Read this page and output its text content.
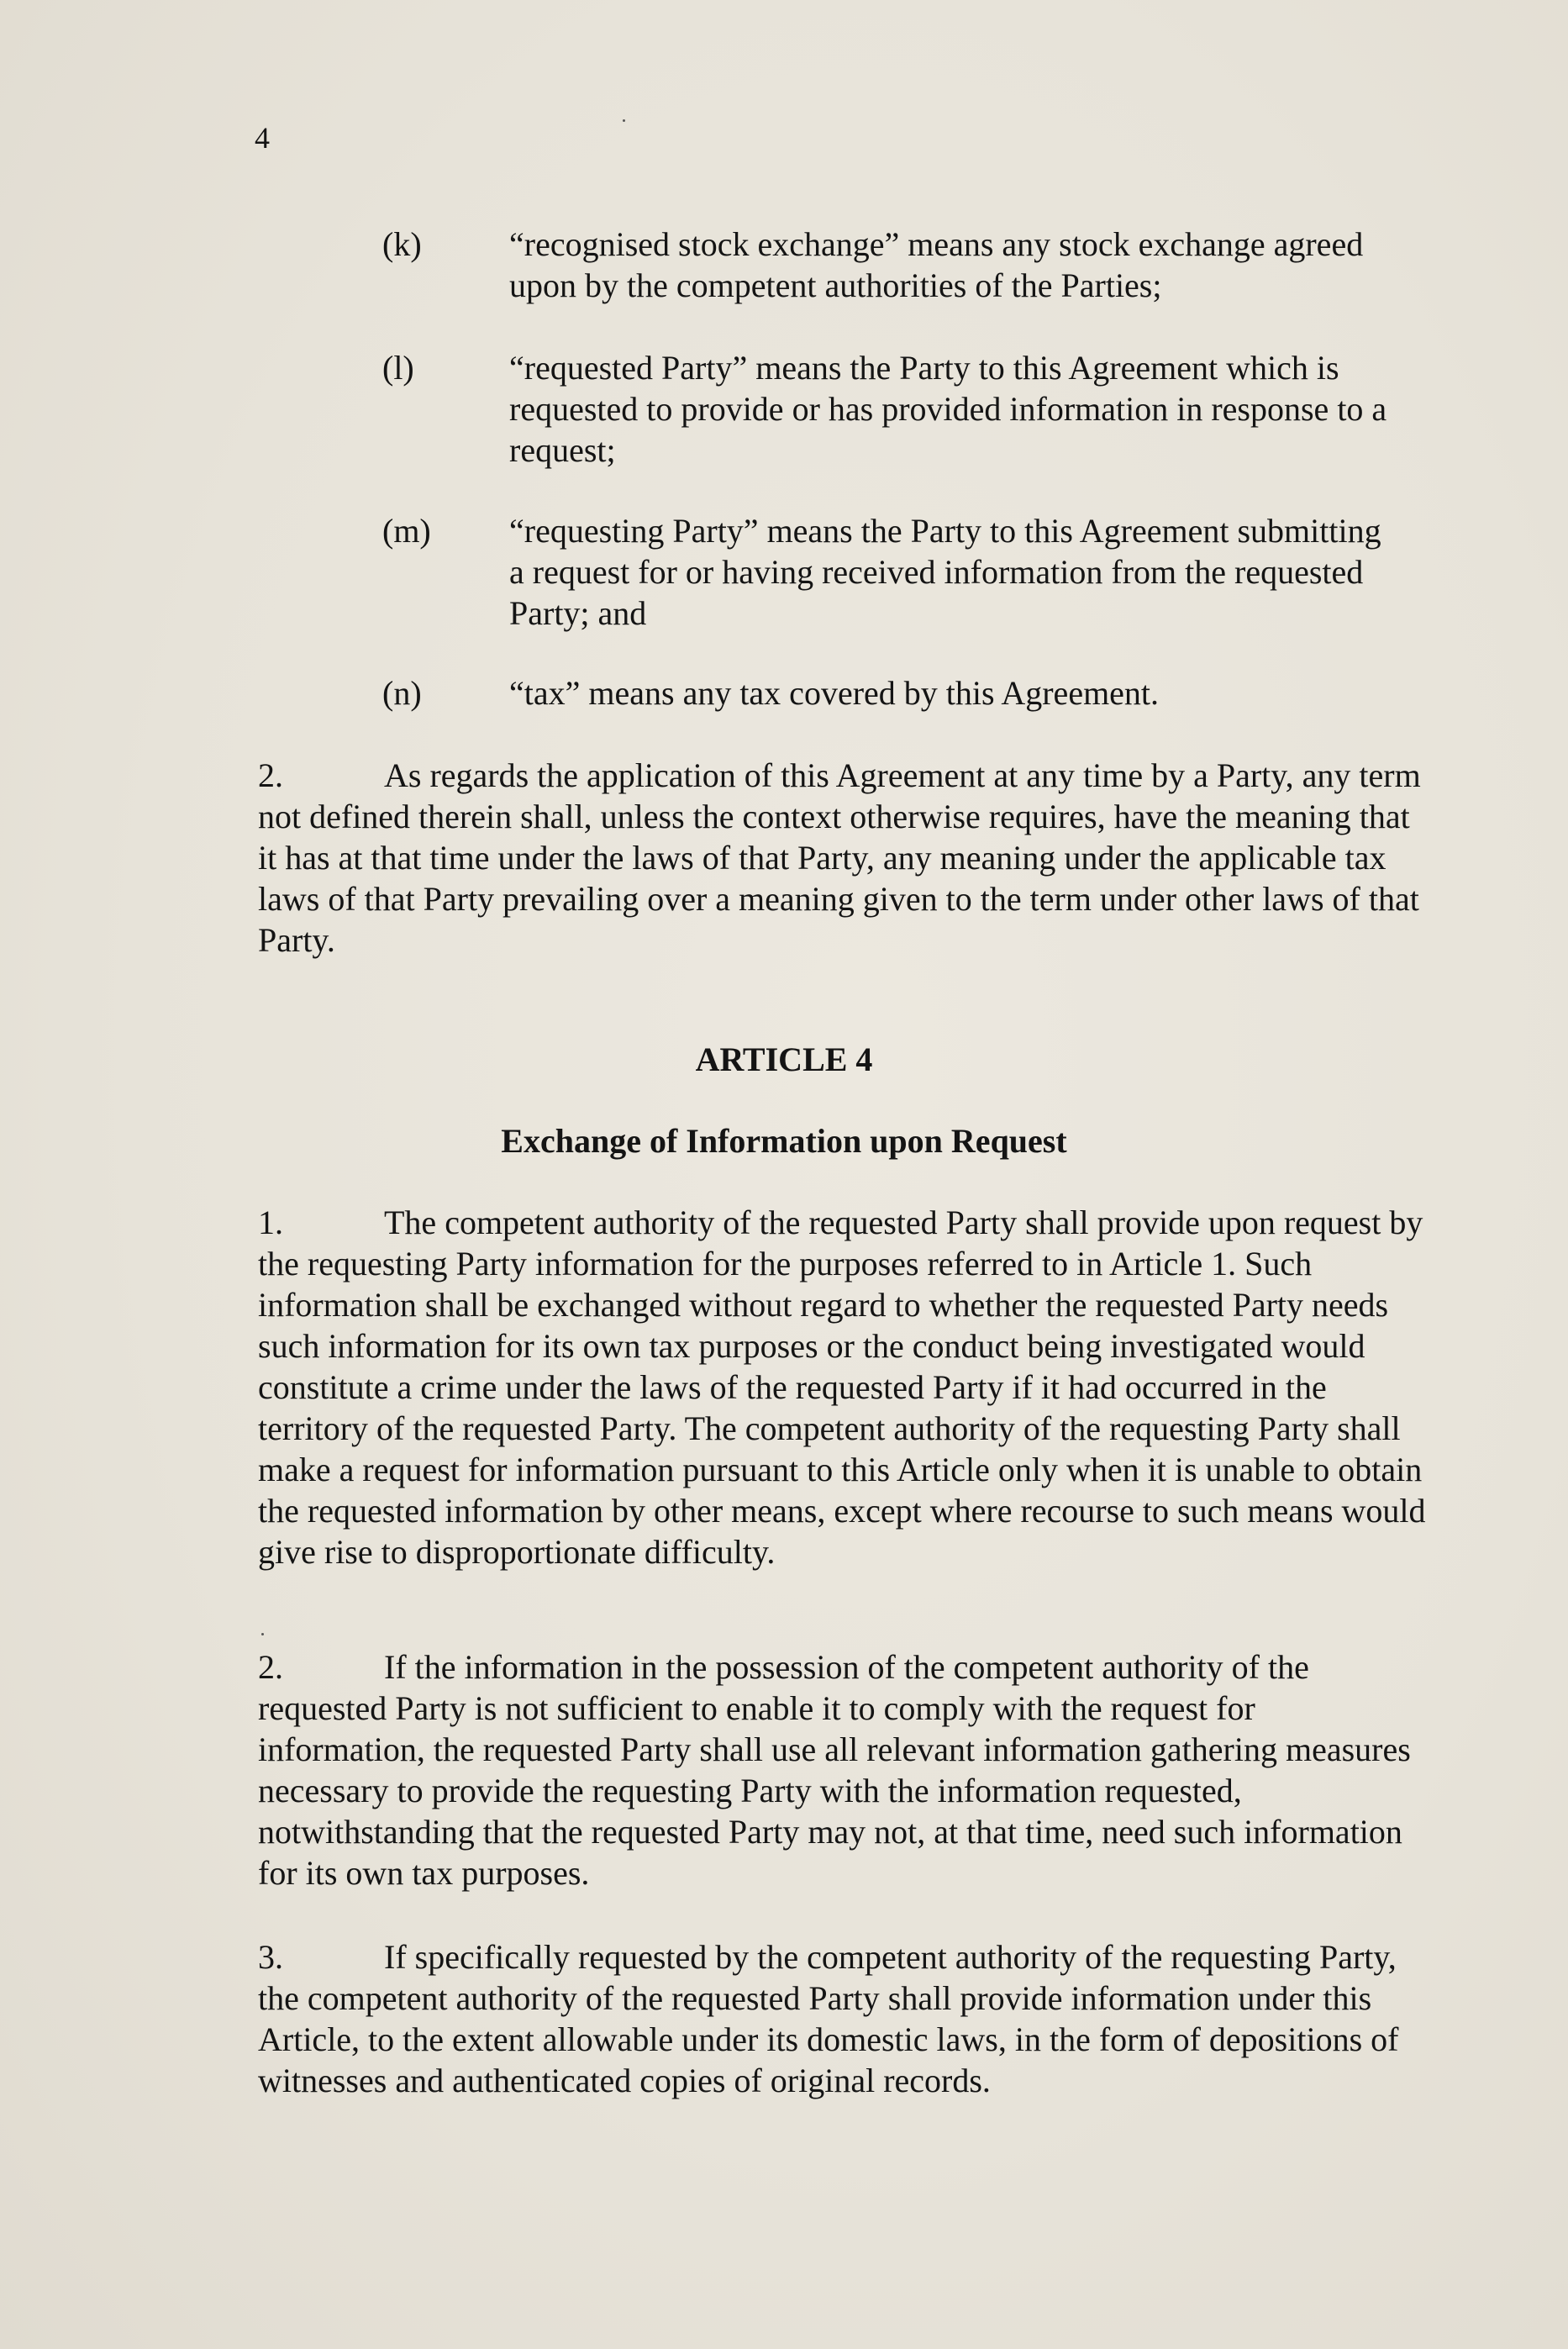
4
(k)	“recognised stock exchange” means any stock exchange agreed upon by the competent authorities of the Parties;
(l)	“requested Party” means the Party to this Agreement which is requested to provide or has provided information in response to a request;
(m) “requesting Party” means the Party to this Agreement submitting a request for or having received information from the requested Party; and
(n)	“tax” means any tax covered by this Agreement.
2.	As regards the application of this Agreement at any time by a Party, any term not defined therein shall, unless the context otherwise requires, have the meaning that it has at that time under the laws of that Party, any meaning under the applicable tax laws of that Party prevailing over a meaning given to the term under other laws of that Party.
ARTICLE 4
Exchange of Information upon Request
1.	The competent authority of the requested Party shall provide upon request by the requesting Party information for the purposes referred to in Article 1. Such information shall be exchanged without regard to whether the requested Party needs such information for its own tax purposes or the conduct being investigated would constitute a crime under the laws of the requested Party if it had occurred in the territory of the requested Party. The competent authority of the requesting Party shall make a request for information pursuant to this Article only when it is unable to obtain the requested information by other means, except where recourse to such means would give rise to disproportionate difficulty.
2.	If the information in the possession of the competent authority of the requested Party is not sufficient to enable it to comply with the request for information, the requested Party shall use all relevant information gathering measures necessary to provide the requesting Party with the information requested, notwithstanding that the requested Party may not, at that time, need such information for its own tax purposes.
3.	If specifically requested by the competent authority of the requesting Party, the competent authority of the requested Party shall provide information under this Article, to the extent allowable under its domestic laws, in the form of depositions of witnesses and authenticated copies of original records.
